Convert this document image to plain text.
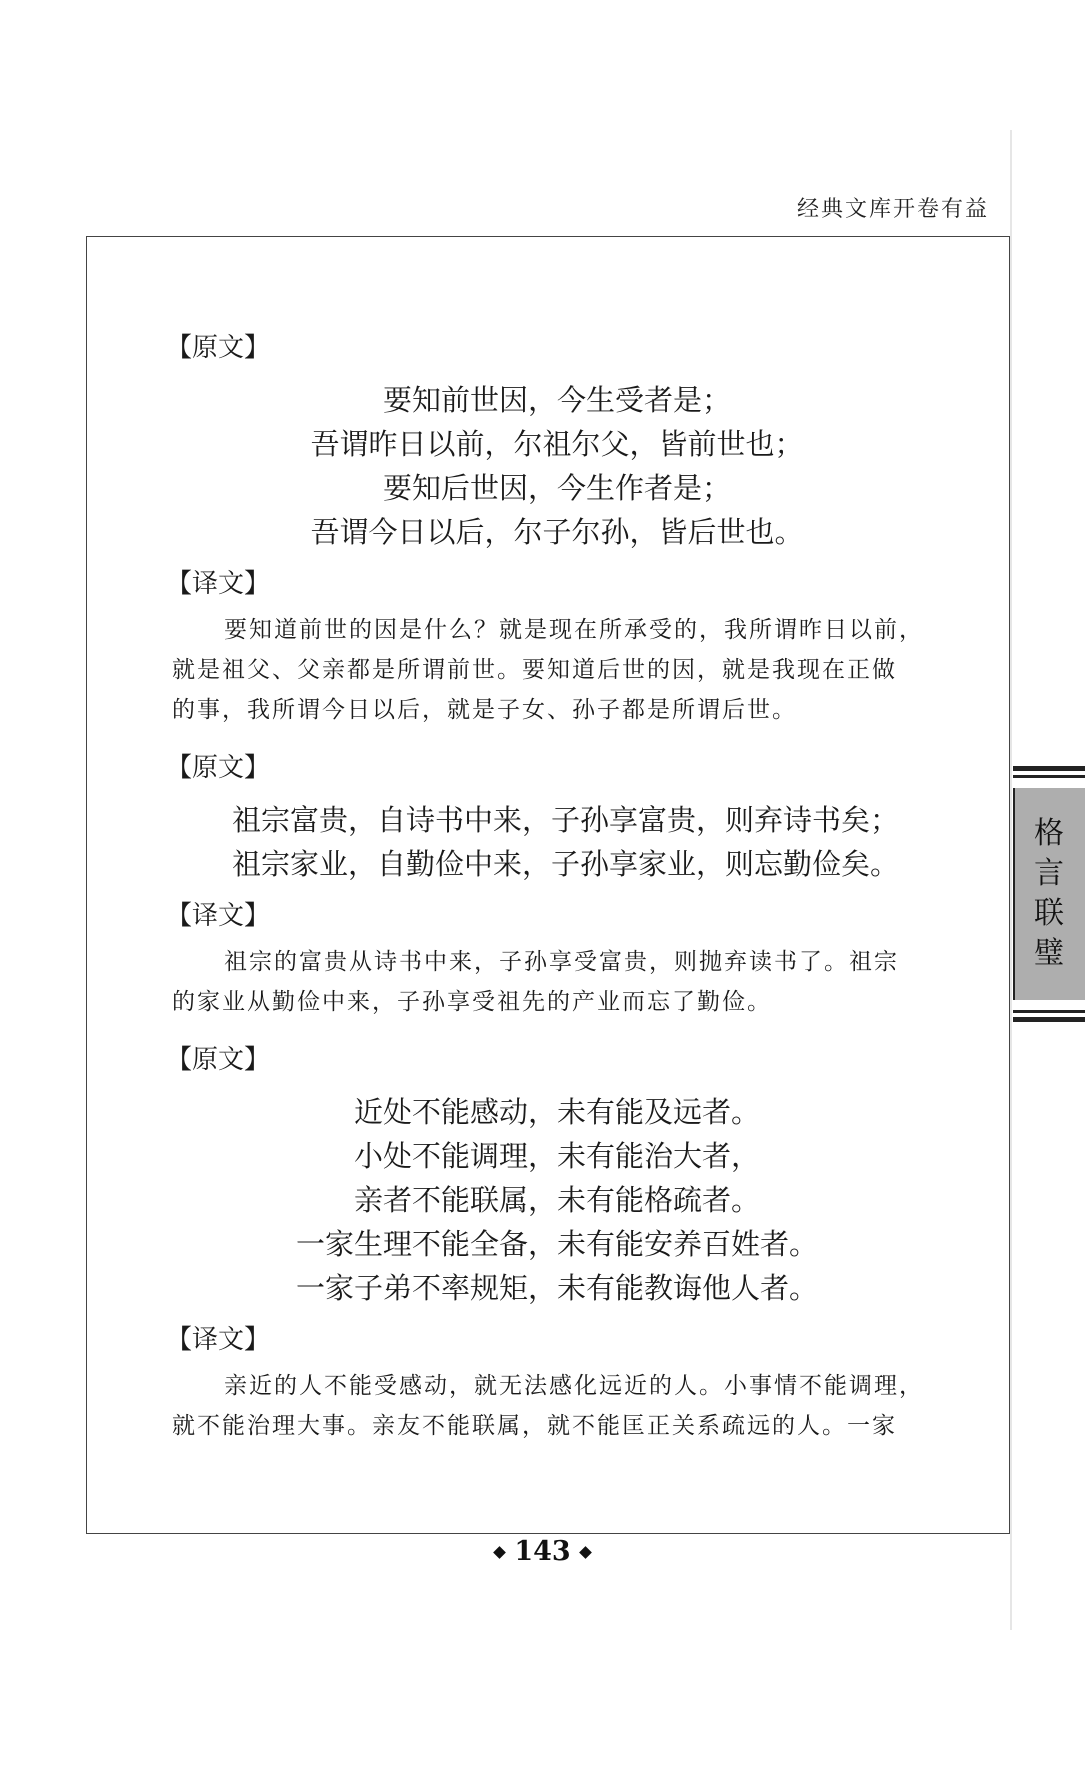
经典文库开卷有益
【原文】
要知前世因，今生受者是；
吾谓昨日以前，尔祖尔父，皆前世也；
要知后世因，今生作者是；
吾谓今日以后，尔子尔孙，皆后世也。
【译文】

要知道前世的因是什么？就是现在所承受的，我所谓昨日以前，

就是祖父、父亲都是所谓前世。要知道后世的因，就是我现在正做

的事，我所谓今日以后，就是子女、孙子都是所谓后世。

【原文】
祖宗富贵，自诗书中来，子孙享富贵，则弃诗书矣；
祖宗家业，自勤俭中来，子孙享家业，则忘勤俭矣。
【译文】

祖宗的富贵从诗书中来，子孙享受富贵，则抛弃读书了。祖宗

的家业从勤俭中来，子孙享受祖先的产业而忘了勤俭。

【原文】
近处不能感动，未有能及远者。
小处不能调理，未有能治大者，
亲者不能联属，未有能格疏者。
一家生理不能全备，未有能安养百姓者。
一家子弟不率规矩，未有能教诲他人者。
【译文】

亲近的人不能受感动，就无法感化远近的人。小事情不能调理，

就不能治理大事。亲友不能联属，就不能匡正关系疏远的人。一家

格
言
联
璧
143
